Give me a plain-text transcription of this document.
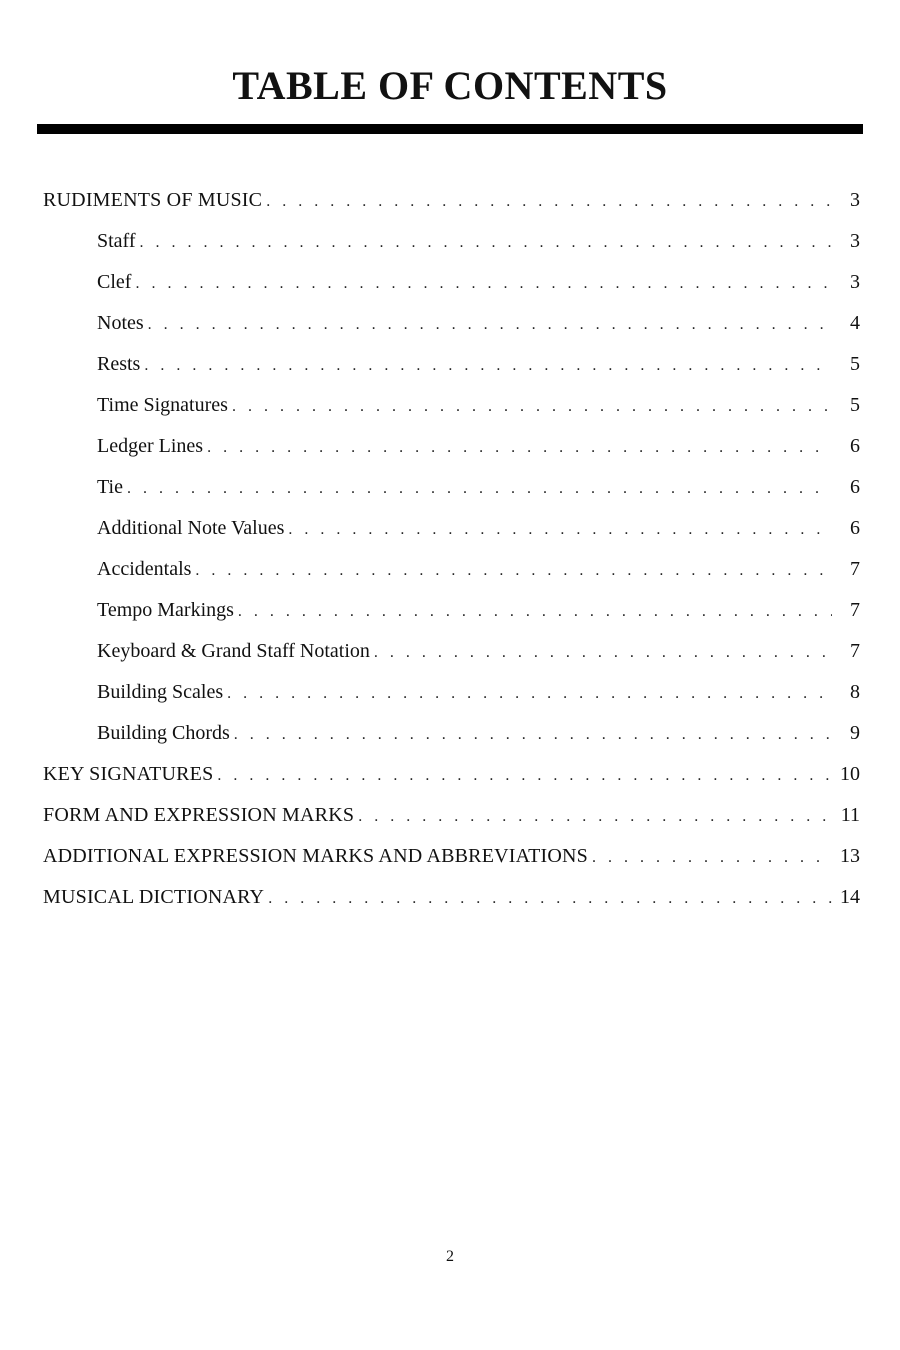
TABLE OF CONTENTS
RUDIMENTS OF MUSIC . . .	3
Staff . . .	3
Clef . . .	3
Notes . . .	4
Rests . . .	5
Time Signatures . . .	5
Ledger Lines . . .	6
Tie . . .	6
Additional Note Values . . .	6
Accidentals . . .	7
Tempo Markings . . .	7
Keyboard & Grand Staff Notation . . .	7
Building Scales . . .	8
Building Chords . . .	9
KEY SIGNATURES . . .	10
FORM AND EXPRESSION MARKS . . .	11
ADDITIONAL EXPRESSION MARKS AND ABBREVIATIONS . . .	13
MUSICAL DICTIONARY . . .	14
2
